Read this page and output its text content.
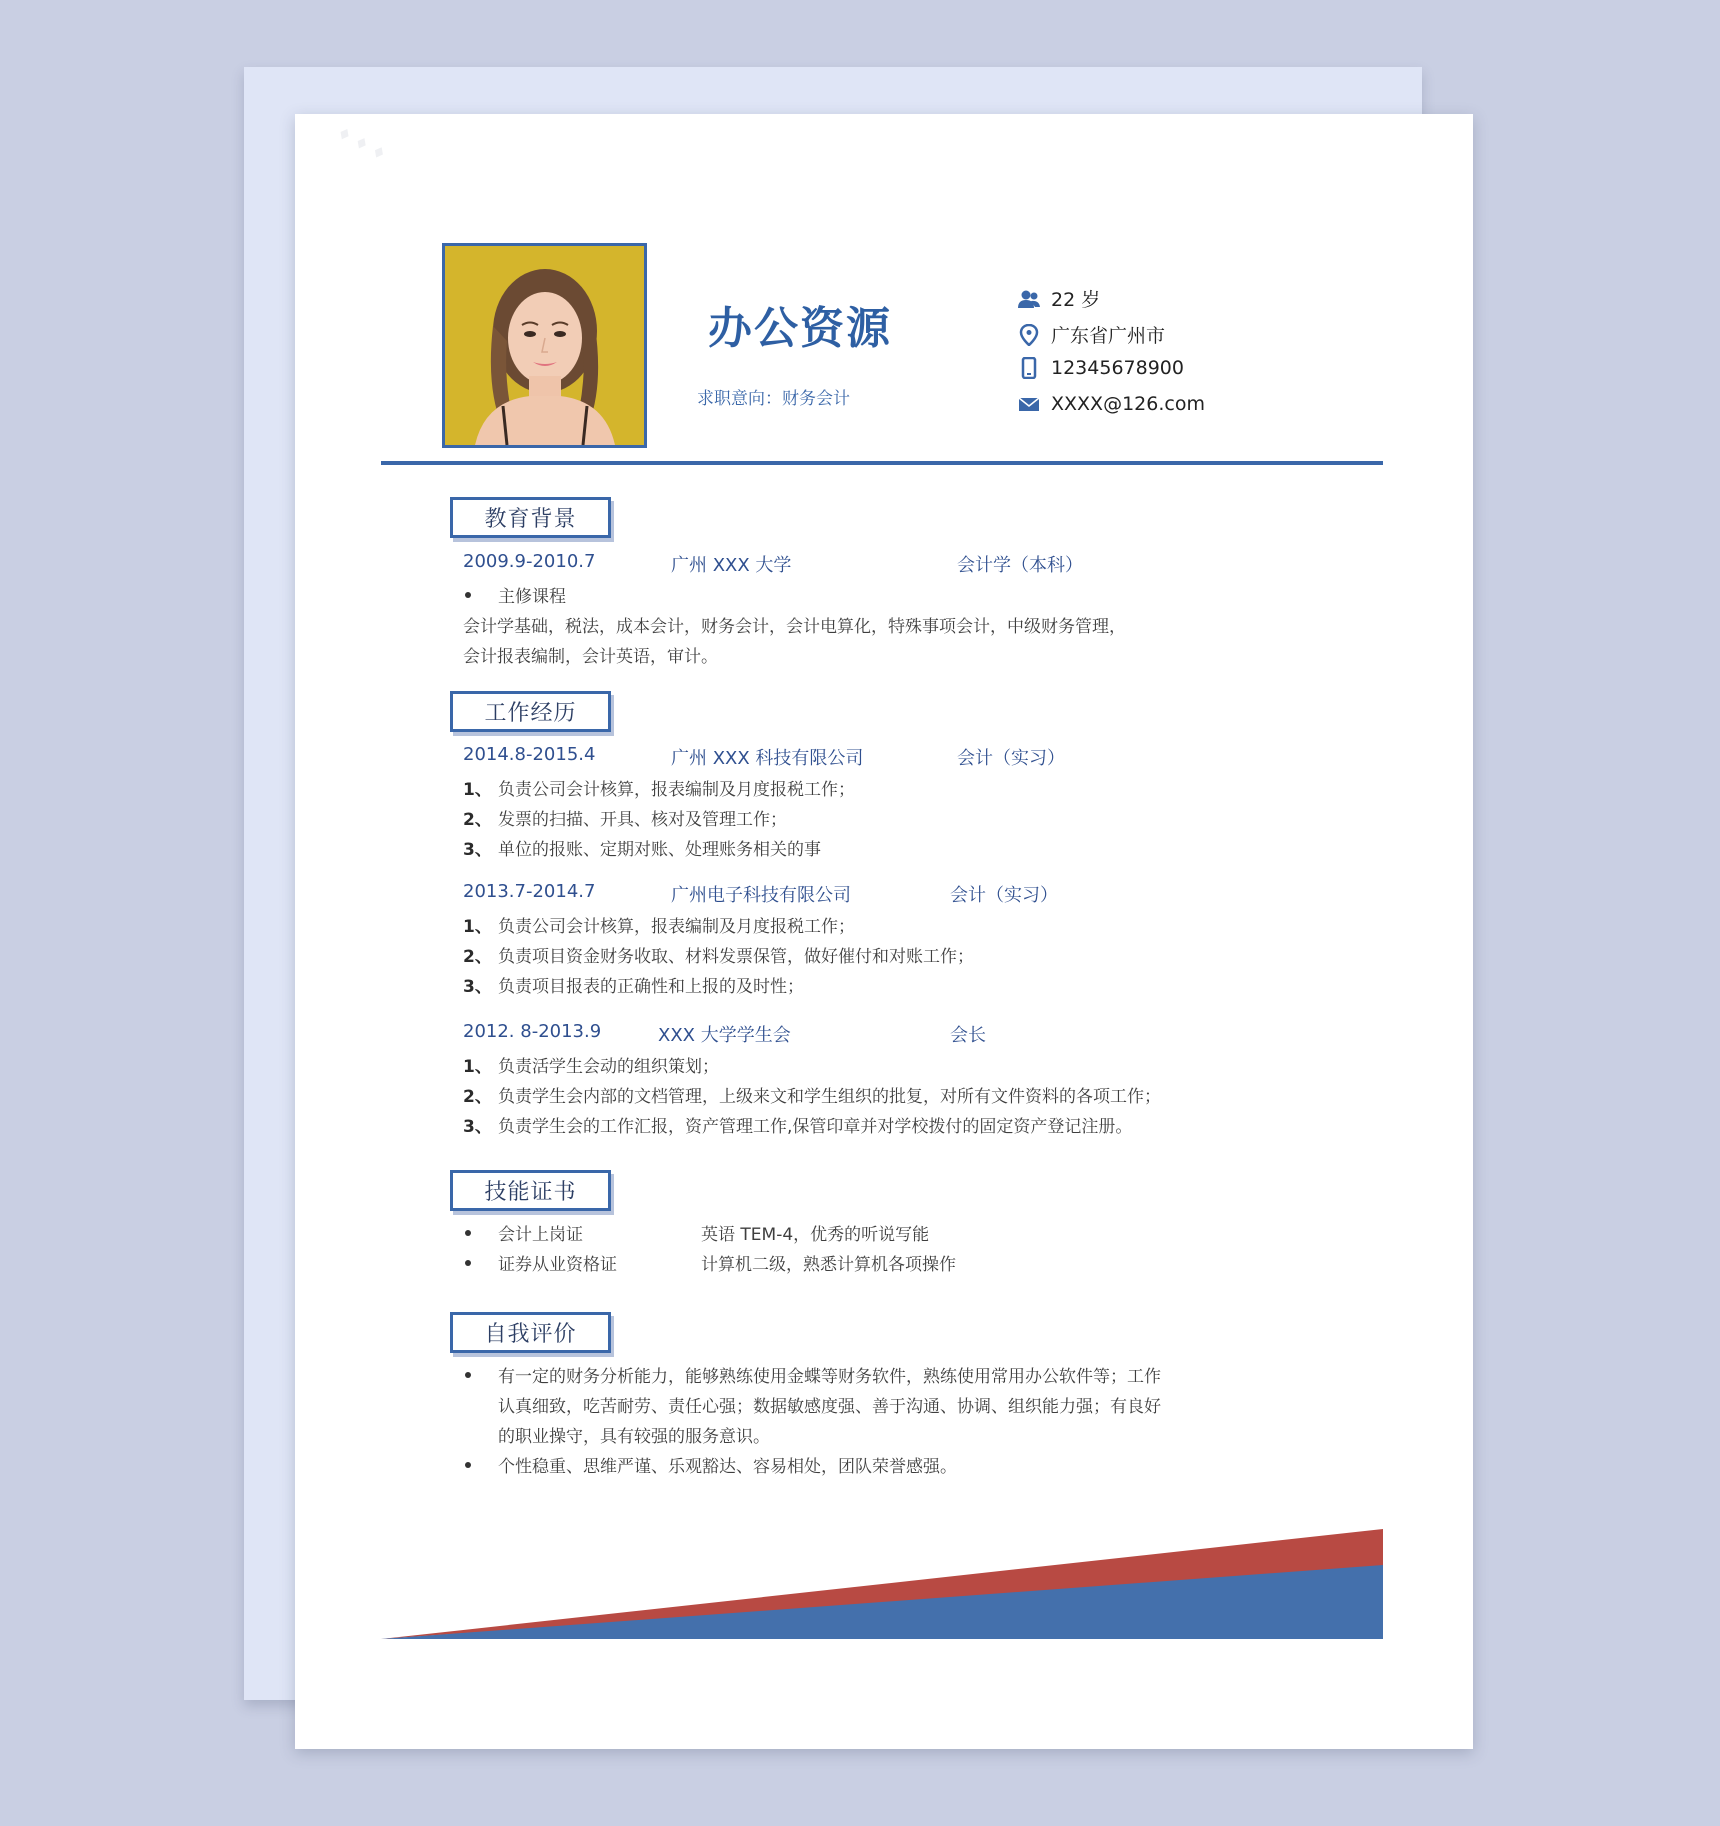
♦ ♦ ♦
办公资源
求职意向：财务会计
22 岁
广东省广州市
12345678900
XXXX@126.com
教育背景
2009.9-2010.7	广州 XXX 大学	会计学（本科）
主修课程
会计学基础，税法，成本会计，财务会计，会计电算化，特殊事项会计，中级财务管理，
会计报表编制，会计英语，审计。
工作经历
2014.8-2015.4	广州 XXX 科技有限公司	会计（实习）
1、 负责公司会计核算，报表编制及月度报税工作；
2、 发票的扫描、开具、核对及管理工作；
3、 单位的报账、定期对账、处理账务相关的事
2013.7-2014.7	广州电子科技有限公司	会计（实习）
1、 负责公司会计核算，报表编制及月度报税工作；
2、 负责项目资金财务收取、材料发票保管，做好催付和对账工作；
3、 负责项目报表的正确性和上报的及时性；
2012. 8-2013.9	XXX 大学学生会	会长
1、 负责活学生会动的组织策划；
2、 负责学生会内部的文档管理，上级来文和学生组织的批复，对所有文件资料的各项工作；
3、 负责学生会的工作汇报，资产管理工作,保管印章并对学校拨付的固定资产登记注册。
技能证书
会计上岗证	英语 TEM-4，优秀的听说写能
证券从业资格证	计算机二级，熟悉计算机各项操作
自我评价
有一定的财务分析能力，能够熟练使用金蝶等财务软件，熟练使用常用办公软件等；工作
认真细致，吃苦耐劳、责任心强；数据敏感度强、善于沟通、协调、组织能力强；有良好
的职业操守，具有较强的服务意识。
个性稳重、思维严谨、乐观豁达、容易相处，团队荣誉感强。
